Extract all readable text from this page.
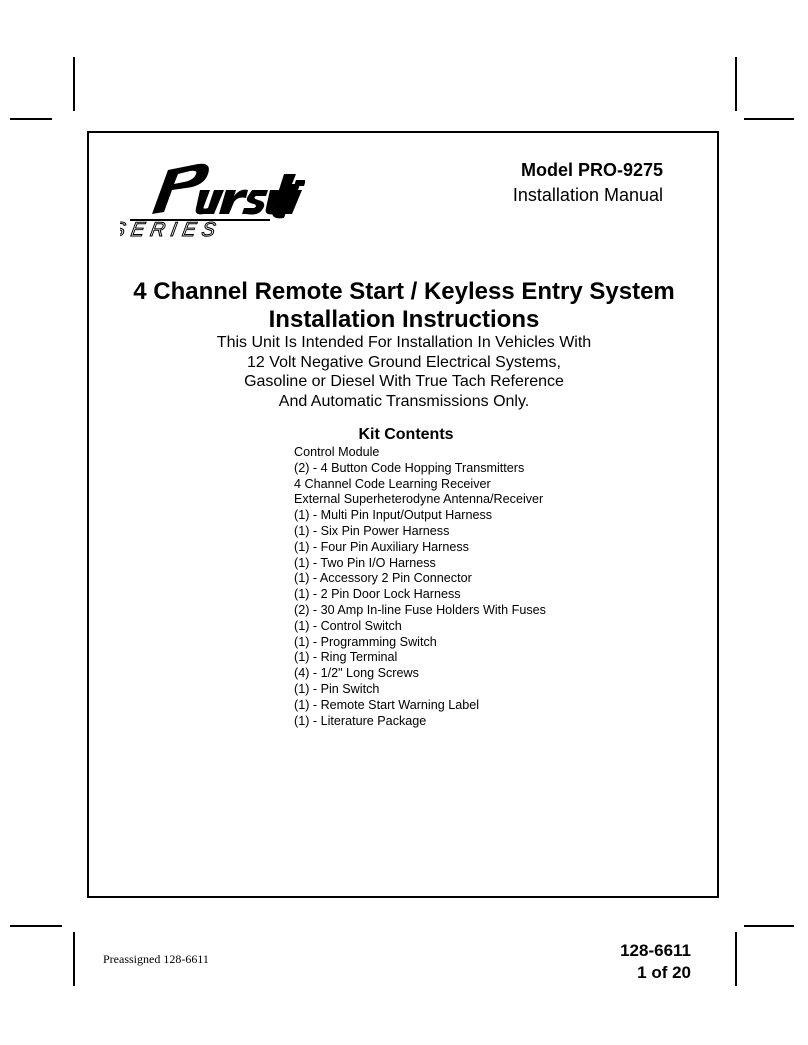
SERIES
Model PRO-9275
Installation Manual
4 Channel Remote Start / Keyless Entry System
Installation Instructions
This Unit Is Intended For Installation In Vehicles With
12 Volt Negative Ground Electrical Systems,
Gasoline or Diesel With True Tach Reference
And Automatic Transmissions Only.
Kit Contents
Control Module
(2) - 4 Button Code Hopping Transmitters
4 Channel Code Learning Receiver
External Superheterodyne Antenna/Receiver
(1) - Multi Pin Input/Output Harness
(1) - Six Pin Power Harness
(1) - Four Pin Auxiliary Harness
(1) - Two Pin I/O Harness
(1) - Accessory 2 Pin Connector
(1) - 2 Pin Door Lock Harness
(2) - 30 Amp In-line Fuse Holders With Fuses
(1) - Control Switch
(1) - Programming Switch
(1) - Ring Terminal
(4) - 1/2" Long Screws
(1) - Pin Switch
(1) - Remote Start Warning Label
(1) - Literature Package
Preassigned 128-6611	128-6611
1 of 20
